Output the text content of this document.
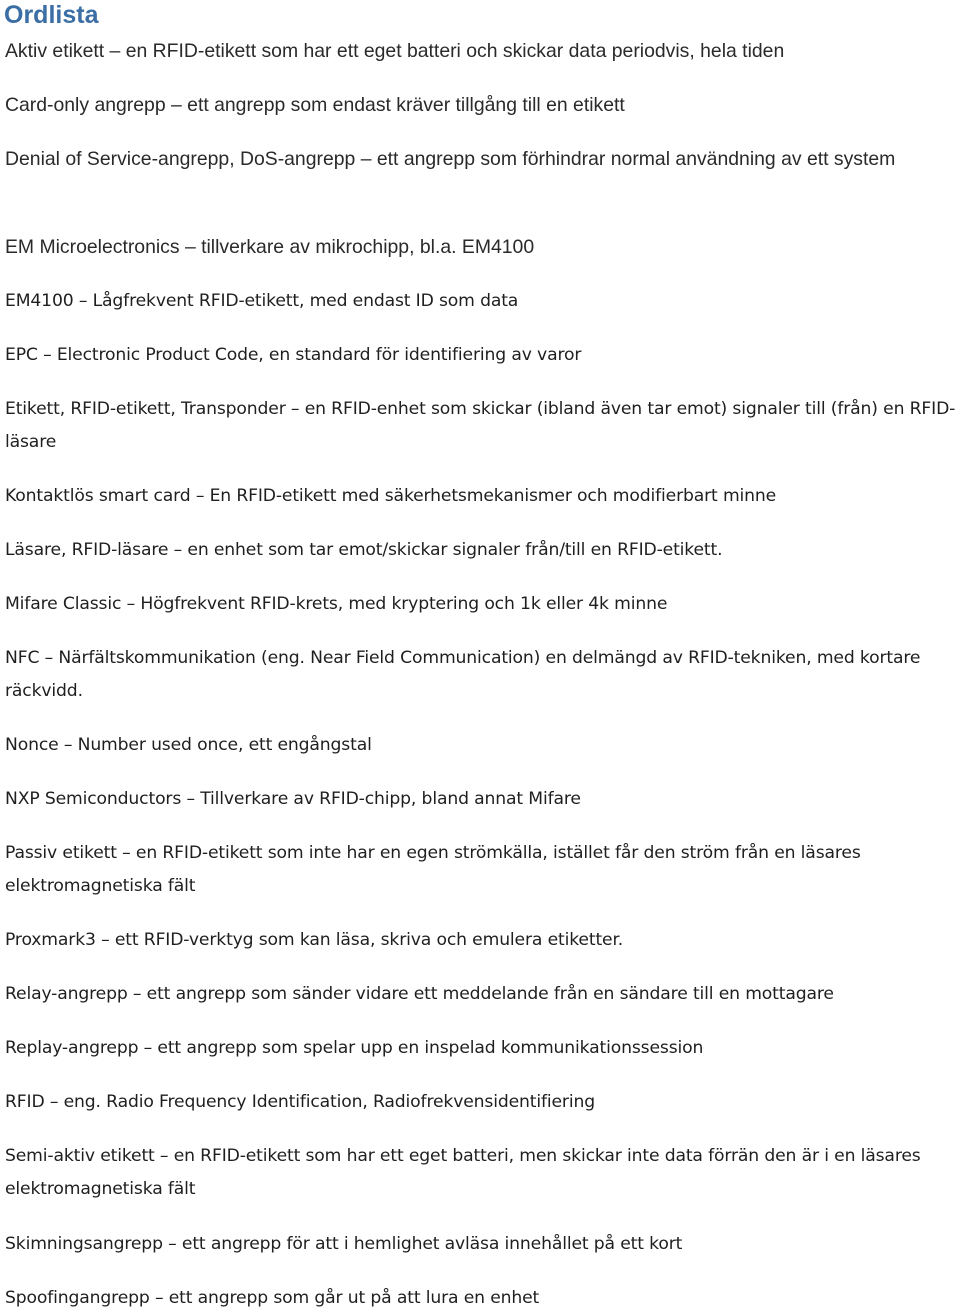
Ordlista

Aktiv etikett – en RFID-etikett som har ett eget batteri och skickar data periodvis, hela tiden

Card-only angrepp – ett angrepp som endast kräver tillgång till en etikett

Denial of Service-angrepp, DoS-angrepp – ett angrepp som förhindrar normal användning av ett system

EM Microelectronics – tillverkare av mikrochipp, bl.a. EM4100

EM4100 – Lågfrekvent RFID-etikett, med endast ID som data

EPC – Electronic Product Code, en standard för identifiering av varor

Etikett, RFID-etikett, Transponder – en RFID-enhet som skickar (ibland även tar emot) signaler till (från) en RFID-läsare

Kontaktlös smart card – En RFID-etikett med säkerhetsmekanismer och modifierbart minne

Läsare, RFID-läsare – en enhet som tar emot/skickar signaler från/till en RFID-etikett.

Mifare Classic – Högfrekvent RFID-krets, med kryptering och 1k eller 4k minne

NFC – Närfältskommunikation (eng. Near Field Communication) en delmängd av RFID-tekniken, med kortare räckvidd.

Nonce – Number used once, ett engångstal

NXP Semiconductors – Tillverkare av RFID-chipp, bland annat Mifare

Passiv etikett – en RFID-etikett som inte har en egen strömkälla, istället får den ström från en läsares elektromagnetiska fält

Proxmark3 – ett RFID-verktyg som kan läsa, skriva och emulera etiketter.

Relay-angrepp – ett angrepp som sänder vidare ett meddelande från en sändare till en mottagare

Replay-angrepp – ett angrepp som spelar upp en inspelad kommunikationssession

RFID – eng. Radio Frequency Identification, Radiofrekvensidentifiering

Semi-aktiv etikett – en RFID-etikett som har ett eget batteri, men skickar inte data förrän den är i en läsares elektromagnetiska fält

Skimningsangrepp – ett angrepp för att i hemlighet avläsa innehållet på ett kort

Spoofingangrepp – ett angrepp som går ut på att lura en enhet
